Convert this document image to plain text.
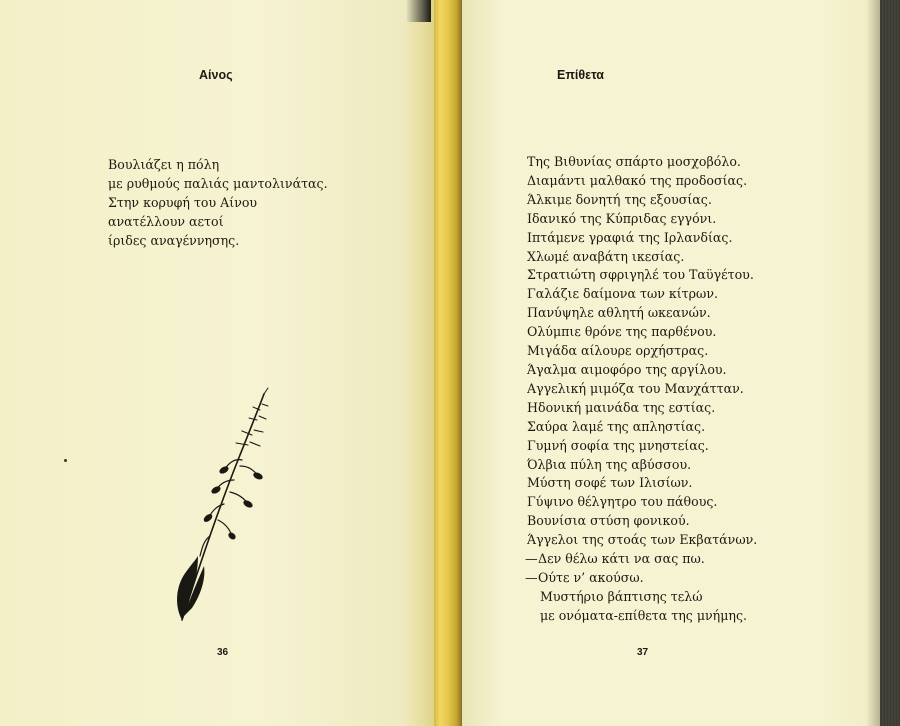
Αίνος
Βουλιάζει η πόλη
με ρυθμούς παλιάς μαντολινάτας.
Στην κορυφή του Αίνου
ανατέλλουν αετοί
ίριδες αναγέννησης.
36
Επίθετα
Της Βιθυνίας σπάρτο μοσχοβόλο.
Διαμάντι μαλθακό της προδοσίας.
Άλκιμε δονητή της εξουσίας.
Ιδανικό της Κύπριδας εγγόνι.
Ιπτάμενε γραφιά της Ιρλανδίας.
Χλωμέ αναβάτη ικεσίας.
Στρατιώτη σφριγηλέ του Ταϋγέτου.
Γαλάζιε δαίμονα των κίτρων.
Πανύψηλε αθλητή ωκεανών.
Ολύμπιε θρόνε της παρθένου.
Μιγάδα αίλουρε ορχήστρας.
Άγαλμα αιμοφόρο της αργίλου.
Αγγελική μιμόζα του Μανχάτταν.
Ηδονική μαινάδα της εστίας.
Σαύρα λαμέ της απληστίας.
Γυμνή σοφία της μνηστείας.
Όλβια πύλη της αβύσσου.
Μύστη σοφέ των Ιλισίων.
Γύψινο θέλγητρο του πάθους.
Βουνίσια στύση φονικού.
Άγγελοι της στοάς των Εκβατάνων.
— Δεν θέλω κάτι να σας πω.
— Ούτε ν’ ακούσω.
Μυστήριο βάπτισης τελώ
με ονόματα-επίθετα της μνήμης.
37
